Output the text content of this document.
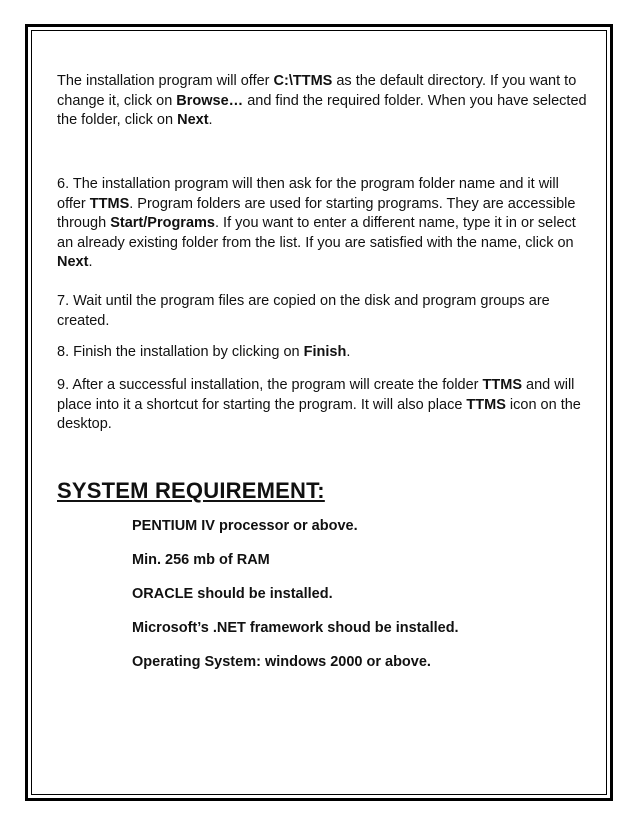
The installation program will offer C:\TTMS as the default directory. If you want to change it, click on Browse… and find the required folder. When you have selected the folder, click on Next.

6. The installation program will then ask for the program folder name and it will offer TTMS. Program folders are used for starting programs. They are accessible through Start/Programs. If you want to enter a different name, type it in or select an already existing folder from the list. If you are satisfied with the name, click on Next.

7. Wait until the program files are copied on the disk and program groups are created.

8. Finish the installation by clicking on Finish.

9. After a successful installation, the program will create the folder TTMS and will place into it a shortcut for starting the program. It will also place TTMS icon on the desktop.

SYSTEM REQUIREMENT:
PENTIUM IV processor or above.
Min. 256 mb of RAM
ORACLE should be installed.
Microsoft’s .NET framework shoud be installed.
Operating System: windows 2000 or above.
